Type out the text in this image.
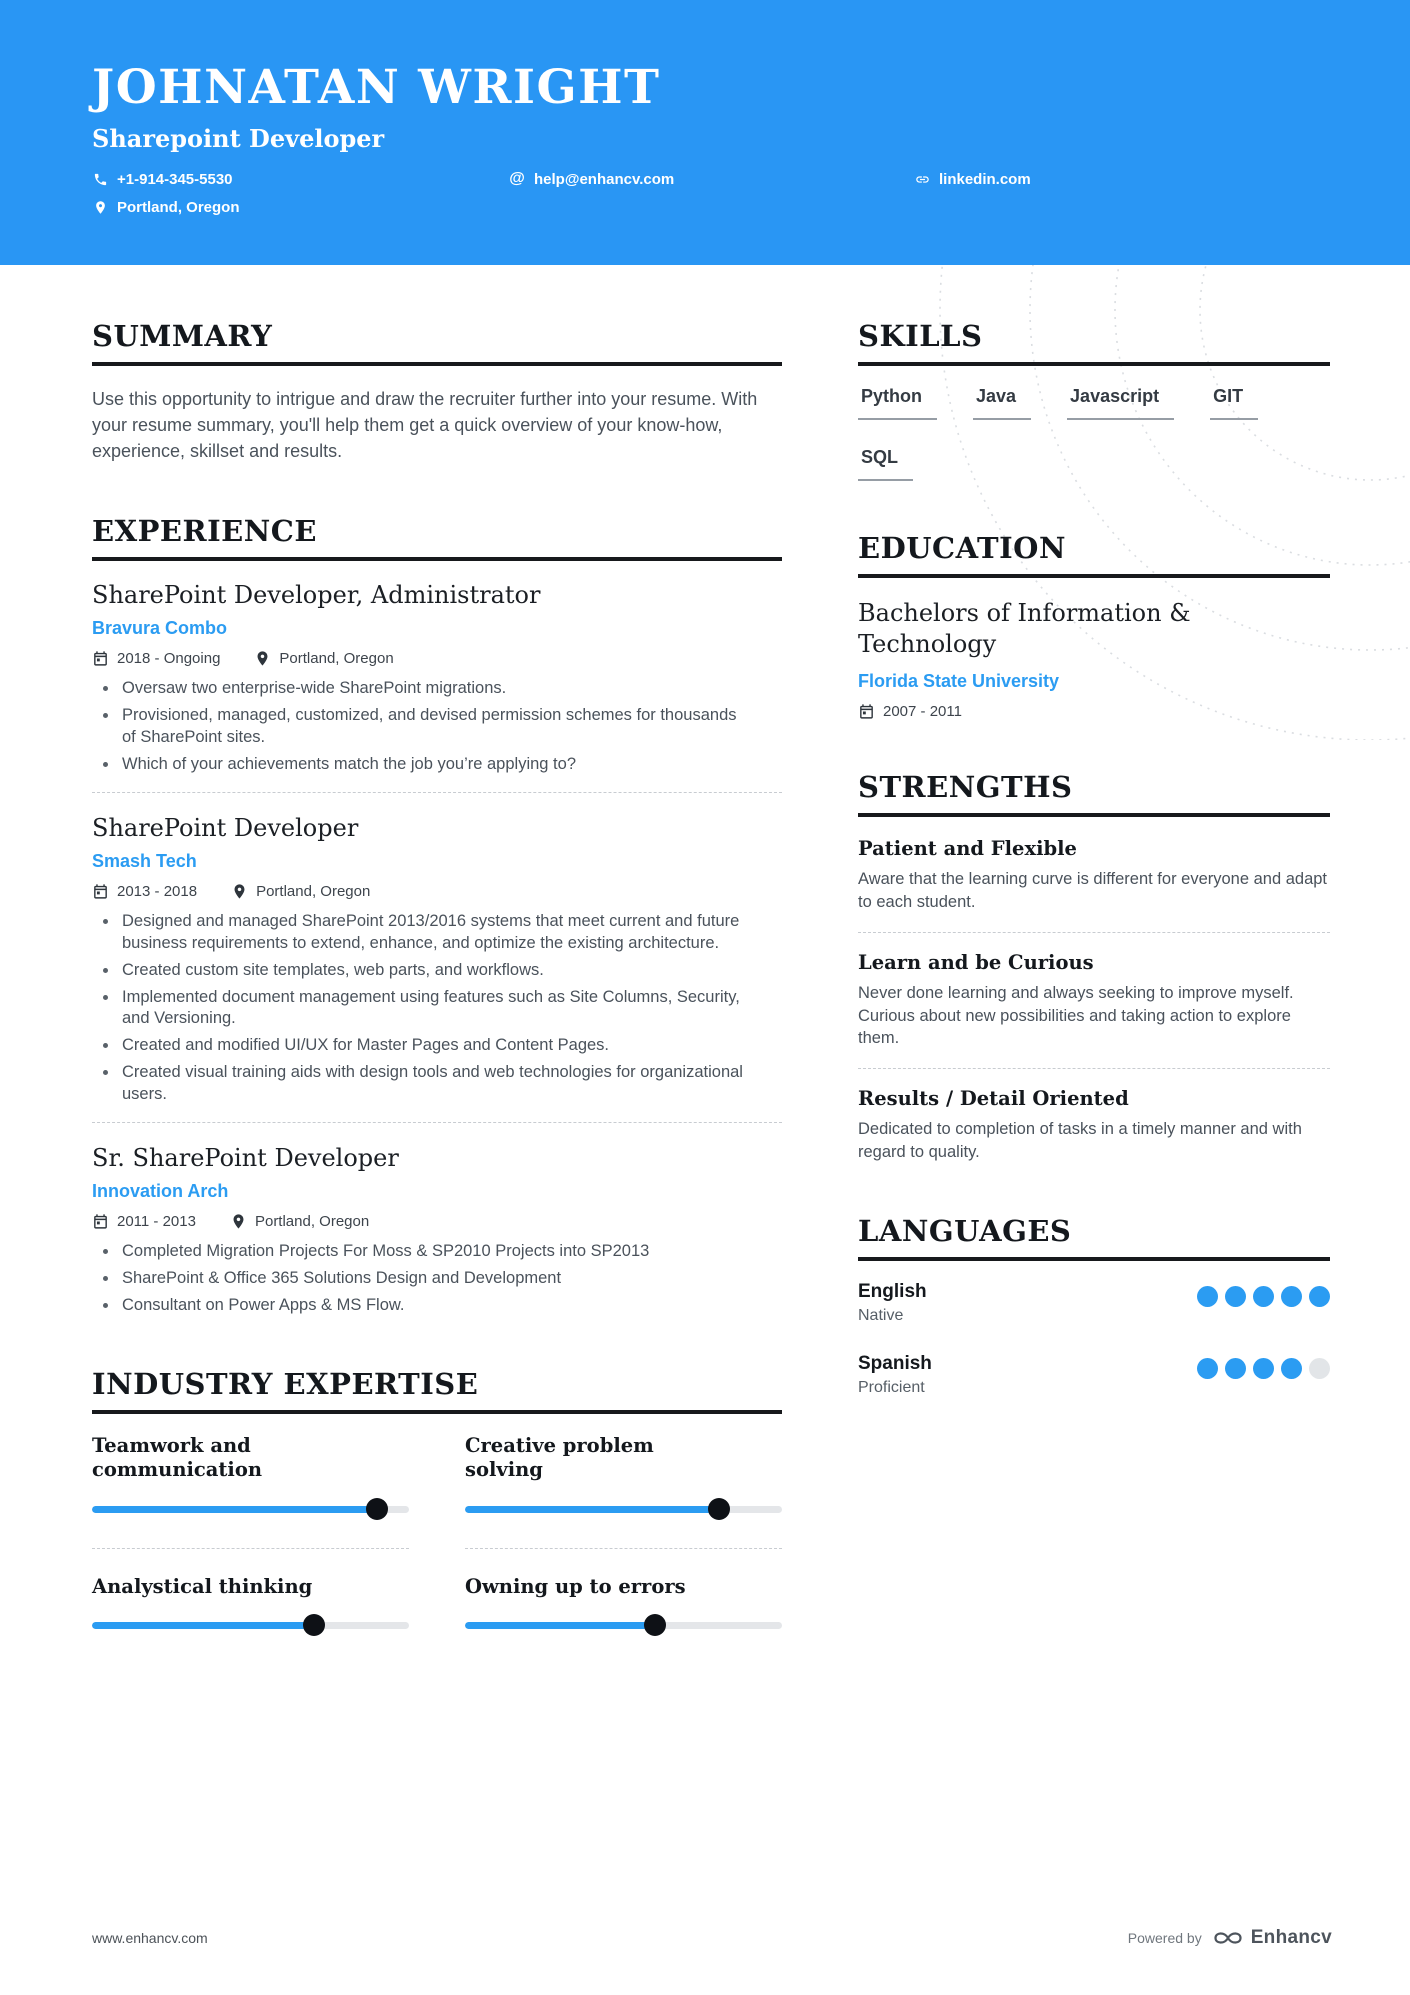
JOHNATAN WRIGHT
Sharepoint Developer
+1-914-345-5530	@ help@enhancv.com	linkedin.com
Portland, Oregon
SUMMARY

Use this opportunity to intrigue and draw the recruiter further into your resume. With your resume summary, you'll help them get a quick overview of your know-how, experience, skillset and results.

EXPERIENCE
SharePoint Developer, Administrator
Bravura Combo
2018 - Ongoing	Portland, Oregon
Oversaw two enterprise-wide SharePoint migrations.
Provisioned, managed, customized, and devised permission schemes for thousands of SharePoint sites.
Which of your achievements match the job you’re applying to?
SharePoint Developer
Smash Tech
2013 - 2018	Portland, Oregon
Designed and managed SharePoint 2013/2016 systems that meet current and future business requirements to extend, enhance, and optimize the existing architecture.
Created custom site templates, web parts, and workflows.
Implemented document management using features such as Site Columns, Security, and Versioning.
Created and modified UI/UX for Master Pages and Content Pages.
Created visual training aids with design tools and web technologies for organizational users.
Sr. SharePoint Developer
Innovation Arch
2011 - 2013	Portland, Oregon
Completed Migration Projects For Moss & SP2010 Projects into SP2013
SharePoint & Office 365 Solutions Design and Development
Consultant on Power Apps & MS Flow.
INDUSTRY EXPERTISE
Teamwork and communication
Creative problem solving
Analystical thinking	Owning up to errors
SKILLS
Python	Java	Javascript	GIT
SQL
EDUCATION
Bachelors of Information & Technology
Florida State University
2007 - 2011
STRENGTHS
Patient and Flexible
Aware that the learning curve is different for everyone and adapt to each student.
Learn and be Curious
Never done learning and always seeking to improve myself. Curious about new possibilities and taking action to explore them.
Results / Detail Oriented
Dedicated to completion of tasks in a timely manner and with regard to quality.
LANGUAGES
English
Native
Spanish
Proficient
www.enhancv.com	Powered by	Enhancv
